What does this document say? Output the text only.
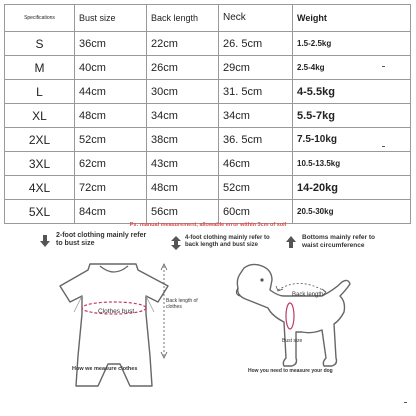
Specifications	Bust size	Back length	Neck	Weight
S	36cm	22cm	26. 5cm	1.5-2.5kg
M	40cm	26cm	29cm	2.5-4kg
L	44cm	30cm	31. 5cm	4-5.5kg
XL	48cm	34cm	34cm	5.5-7kg
2XL	52cm	38cm	36. 5cm	7.5-10kg
3XL	62cm	43cm	46cm	10.5-13.5kg
4XL	72cm	48cm	52cm	14-20kg
5XL	84cm	56cm	60cm	20.5-30kg
Ps: manual measurement, allowable error within 3cm of soil
2-foot clothing mainly refer to bust size
4-foot clothing mainly refer to back length and bust size
Bottoms mainly refer to waist circumference
Clothes bust
Back length of clothes
How we measure clothes
Back length
Bust size
How you need to measure your dog
